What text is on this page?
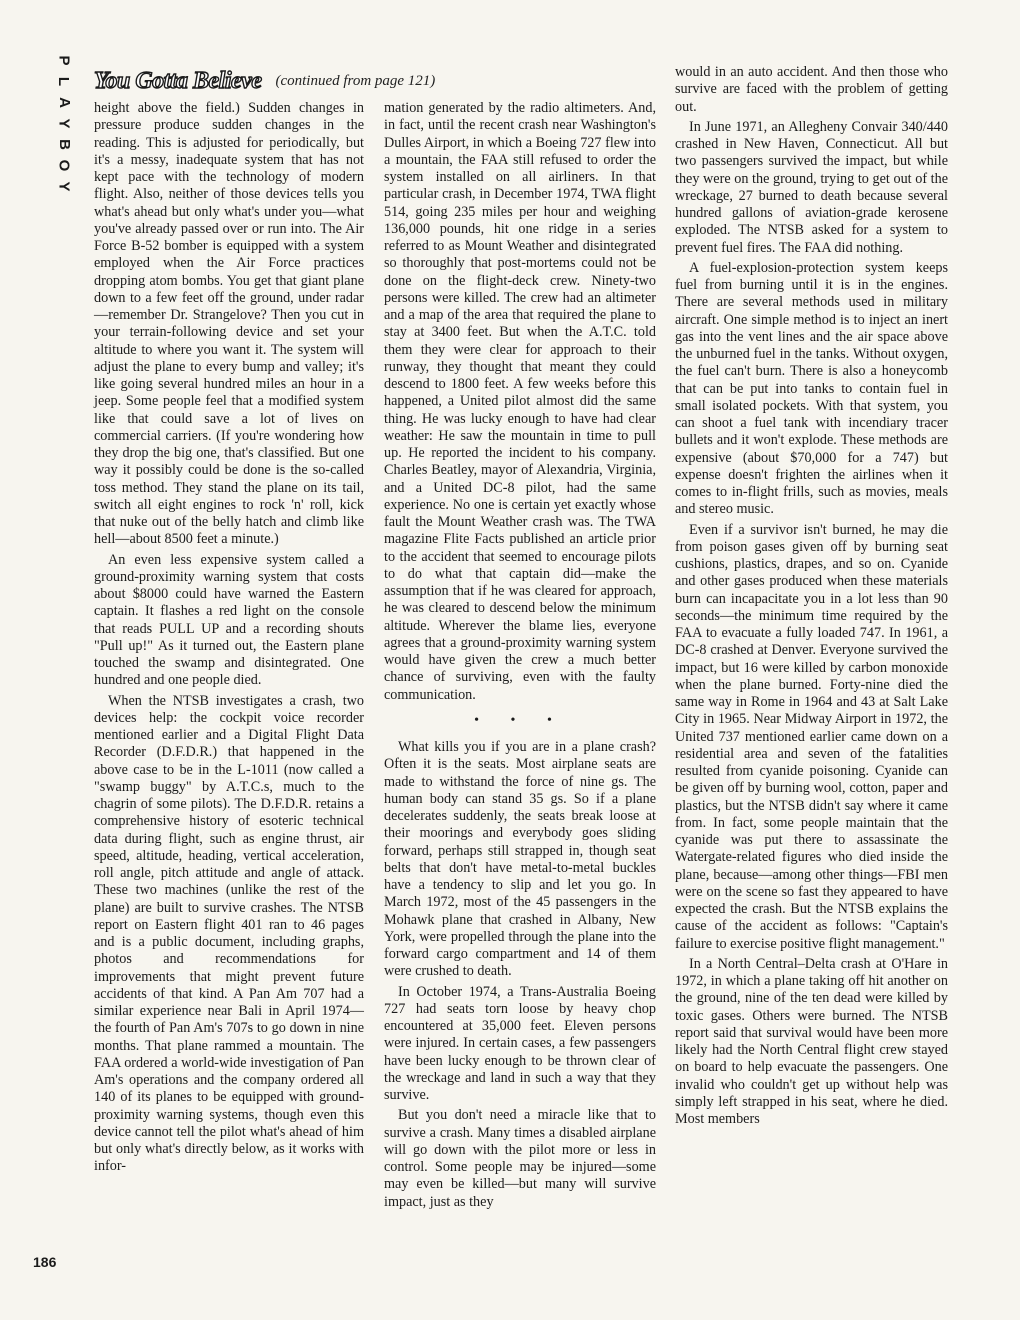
P
L
A
Y
B
O
Y
You Gotta Believe (continued from page 121)

height above the field.) Sudden changes in pressure produce sudden changes in the reading. This is adjusted for periodically, but it's a messy, inadequate system that has not kept pace with the technology of modern flight. Also, neither of those devices tells you what's ahead but only what's under you—what you've already passed over or run into. The Air Force B-52 bomber is equipped with a system employed when the Air Force practices dropping atom bombs. You get that giant plane down to a few feet off the ground, under radar—remember Dr. Strangelove? Then you cut in your terrain-following device and set your altitude to where you want it. The system will adjust the plane to every bump and valley; it's like going several hundred miles an hour in a jeep. Some people feel that a modified system like that could save a lot of lives on commercial carriers. (If you're wondering how they drop the big one, that's classified. But one way it possibly could be done is the so-called toss method. They stand the plane on its tail, switch all eight engines to rock 'n' roll, kick that nuke out of the belly hatch and climb like hell—about 8500 feet a minute.)

An even less expensive system called a ground-proximity warning system that costs about $8000 could have warned the Eastern captain. It flashes a red light on the console that reads PULL UP and a recording shouts "Pull up!" As it turned out, the Eastern plane touched the swamp and disintegrated. One hundred and one people died.

When the NTSB investigates a crash, two devices help: the cockpit voice recorder mentioned earlier and a Digital Flight Data Recorder (D.F.D.R.) that happened in the above case to be in the L-1011 (now called a "swamp buggy" by A.T.C.s, much to the chagrin of some pilots). The D.F.D.R. retains a comprehensive history of esoteric technical data during flight, such as engine thrust, air speed, altitude, heading, vertical acceleration, roll angle, pitch attitude and angle of attack. These two machines (unlike the rest of the plane) are built to survive crashes. The NTSB report on Eastern flight 401 ran to 46 pages and is a public document, including graphs, photos and recommendations for improvements that might prevent future accidents of that kind. A Pan Am 707 had a similar experience near Bali in April 1974—the fourth of Pan Am's 707s to go down in nine months. That plane rammed a mountain. The FAA ordered a world-wide investigation of Pan Am's operations and the company ordered all 140 of its planes to be equipped with ground-proximity warning systems, though even this device cannot tell the pilot what's ahead of him but only what's directly below, as it works with infor-

mation generated by the radio altimeters. And, in fact, until the recent crash near Washington's Dulles Airport, in which a Boeing 727 flew into a mountain, the FAA still refused to order the system installed on all airliners. In that particular crash, in December 1974, TWA flight 514, going 235 miles per hour and weighing 136,000 pounds, hit one ridge in a series referred to as Mount Weather and disintegrated so thoroughly that post-mortems could not be done on the flight-deck crew. Ninety-two persons were killed. The crew had an altimeter and a map of the area that required the plane to stay at 3400 feet. But when the A.T.C. told them they were clear for approach to their runway, they thought that meant they could descend to 1800 feet. A few weeks before this happened, a United pilot almost did the same thing. He was lucky enough to have had clear weather: He saw the mountain in time to pull up. He reported the incident to his company. Charles Beatley, mayor of Alexandria, Virginia, and a United DC-8 pilot, had the same experience. No one is certain yet exactly whose fault the Mount Weather crash was. The TWA magazine Flite Facts published an article prior to the accident that seemed to encourage pilots to do what that captain did—make the assumption that if he was cleared for approach, he was cleared to descend below the minimum altitude. Wherever the blame lies, everyone agrees that a ground-proximity warning system would have given the crew a much better chance of surviving, even with the faulty communication.

• • •

What kills you if you are in a plane crash? Often it is the seats. Most airplane seats are made to withstand the force of nine gs. The human body can stand 35 gs. So if a plane decelerates suddenly, the seats break loose at their moorings and everybody goes sliding forward, perhaps still strapped in, though seat belts that don't have metal-to-metal buckles have a tendency to slip and let you go. In March 1972, most of the 45 passengers in the Mohawk plane that crashed in Albany, New York, were propelled through the plane into the forward cargo compartment and 14 of them were crushed to death.

In October 1974, a Trans-Australia Boeing 727 had seats torn loose by heavy chop encountered at 35,000 feet. Eleven persons were injured. In certain cases, a few passengers have been lucky enough to be thrown clear of the wreckage and land in such a way that they survive.

But you don't need a miracle like that to survive a crash. Many times a disabled airplane will go down with the pilot more or less in control. Some people may be injured—some may even be killed—but many will survive impact, just as they

would in an auto accident. And then those who survive are faced with the problem of getting out.

In June 1971, an Allegheny Convair 340/440 crashed in New Haven, Connecticut. All but two passengers survived the impact, but while they were on the ground, trying to get out of the wreckage, 27 burned to death because several hundred gallons of aviation-grade kerosene exploded. The NTSB asked for a system to prevent fuel fires. The FAA did nothing.

A fuel-explosion-protection system keeps fuel from burning until it is in the engines. There are several methods used in military aircraft. One simple method is to inject an inert gas into the vent lines and the air space above the unburned fuel in the tanks. Without oxygen, the fuel can't burn. There is also a honeycomb that can be put into tanks to contain fuel in small isolated pockets. With that system, you can shoot a fuel tank with incendiary tracer bullets and it won't explode. These methods are expensive (about $70,000 for a 747) but expense doesn't frighten the airlines when it comes to in-flight frills, such as movies, meals and stereo music.

Even if a survivor isn't burned, he may die from poison gases given off by burning seat cushions, plastics, drapes, and so on. Cyanide and other gases produced when these materials burn can incapacitate you in a lot less than 90 seconds—the minimum time required by the FAA to evacuate a fully loaded 747. In 1961, a DC-8 crashed at Denver. Everyone survived the impact, but 16 were killed by carbon monoxide when the plane burned. Forty-nine died the same way in Rome in 1964 and 43 at Salt Lake City in 1965. Near Midway Airport in 1972, the United 737 mentioned earlier came down on a residential area and seven of the fatalities resulted from cyanide poisoning. Cyanide can be given off by burning wool, cotton, paper and plastics, but the NTSB didn't say where it came from. In fact, some people maintain that the cyanide was put there to assassinate the Watergate-related figures who died inside the plane, because—among other things—FBI men were on the scene so fast they appeared to have expected the crash. But the NTSB explains the cause of the accident as follows: "Captain's failure to exercise positive flight management."

In a North Central–Delta crash at O'Hare in 1972, in which a plane taking off hit another on the ground, nine of the ten dead were killed by toxic gases. Others were burned. The NTSB report said that survival would have been more likely had the North Central flight crew stayed on board to help evacuate the passengers. One invalid who couldn't get up without help was simply left strapped in his seat, where he died. Most members

186
